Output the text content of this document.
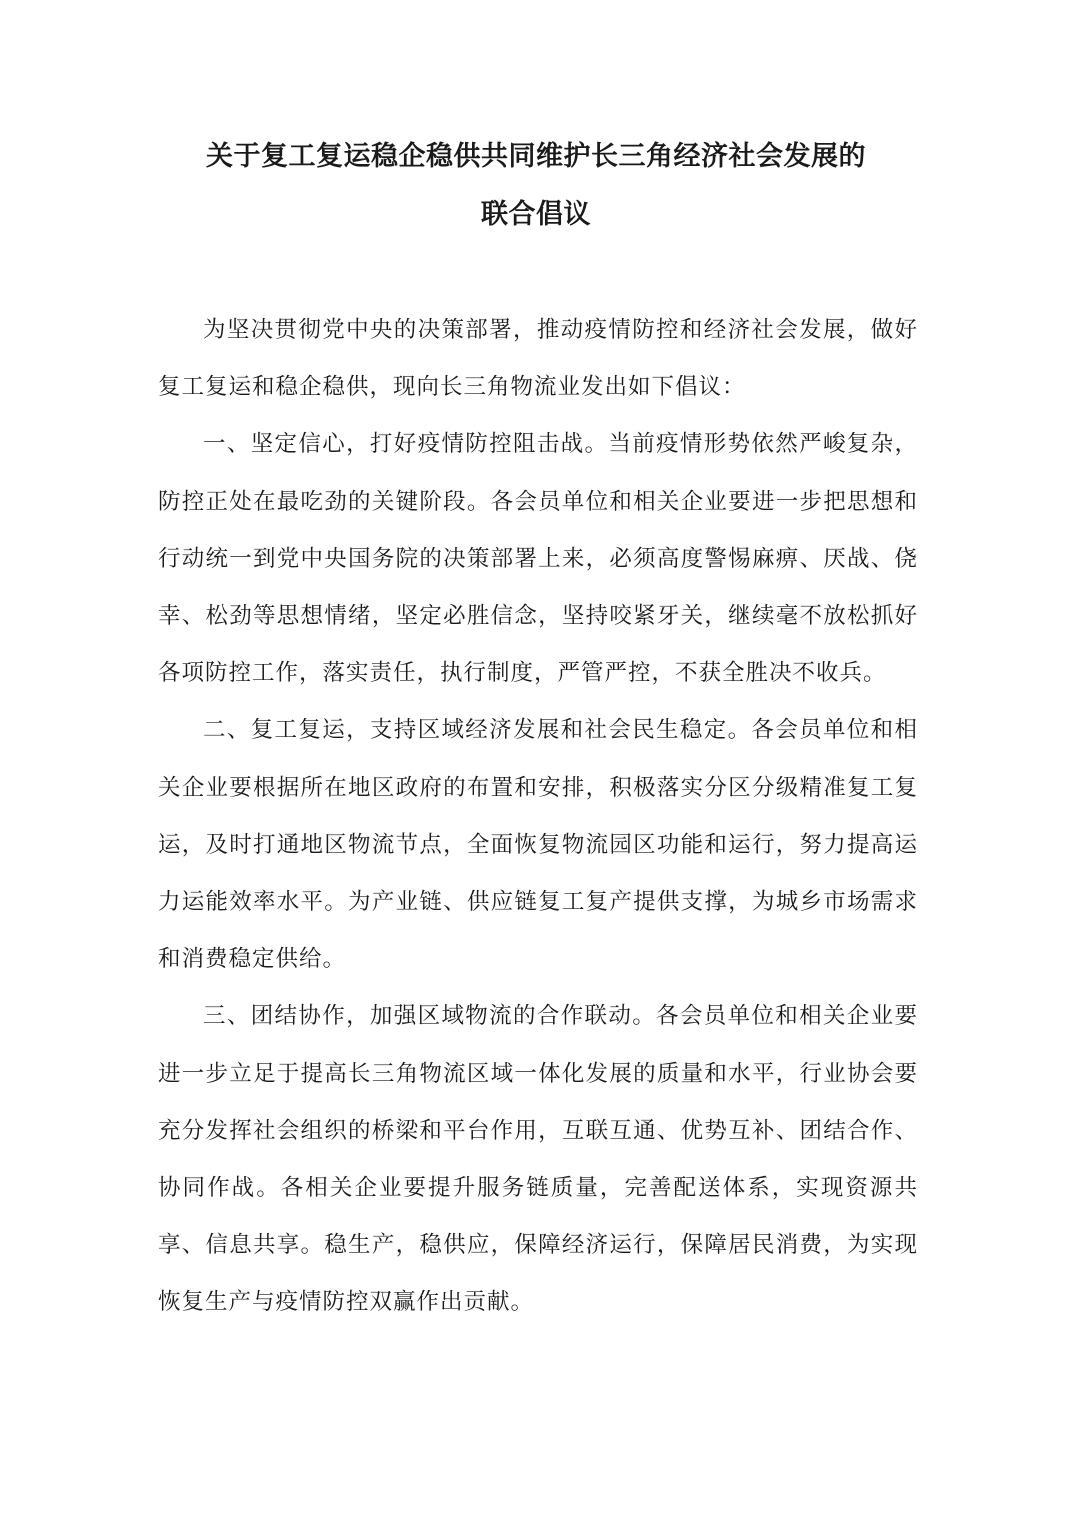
关于复工复运稳企稳供共同维护长三角经济社会发展的
联合倡议

为坚决贯彻党中央的决策部署，推动疫情防控和经济社会发展，做好复工复运和稳企稳供，现向长三角物流业发出如下倡议：

一、坚定信心，打好疫情防控阻击战。当前疫情形势依然严峻复杂，防控正处在最吃劲的关键阶段。各会员单位和相关企业要进一步把思想和行动统一到党中央国务院的决策部署上来，必须高度警惕麻痹、厌战、侥幸、松劲等思想情绪，坚定必胜信念，坚持咬紧牙关，继续毫不放松抓好各项防控工作，落实责任，执行制度，严管严控，不获全胜决不收兵。

二、复工复运，支持区域经济发展和社会民生稳定。各会员单位和相关企业要根据所在地区政府的布置和安排，积极落实分区分级精准复工复运，及时打通地区物流节点，全面恢复物流园区功能和运行，努力提高运力运能效率水平。为产业链、供应链复工复产提供支撑，为城乡市场需求和消费稳定供给。

三、团结协作，加强区域物流的合作联动。各会员单位和相关企业要进一步立足于提高长三角物流区域一体化发展的质量和水平，行业协会要充分发挥社会组织的桥梁和平台作用，互联互通、优势互补、团结合作、协同作战。各相关企业要提升服务链质量，完善配送体系，实现资源共享、信息共享。稳生产，稳供应，保障经济运行，保障居民消费，为实现恢复生产与疫情防控双赢作出贡献。
